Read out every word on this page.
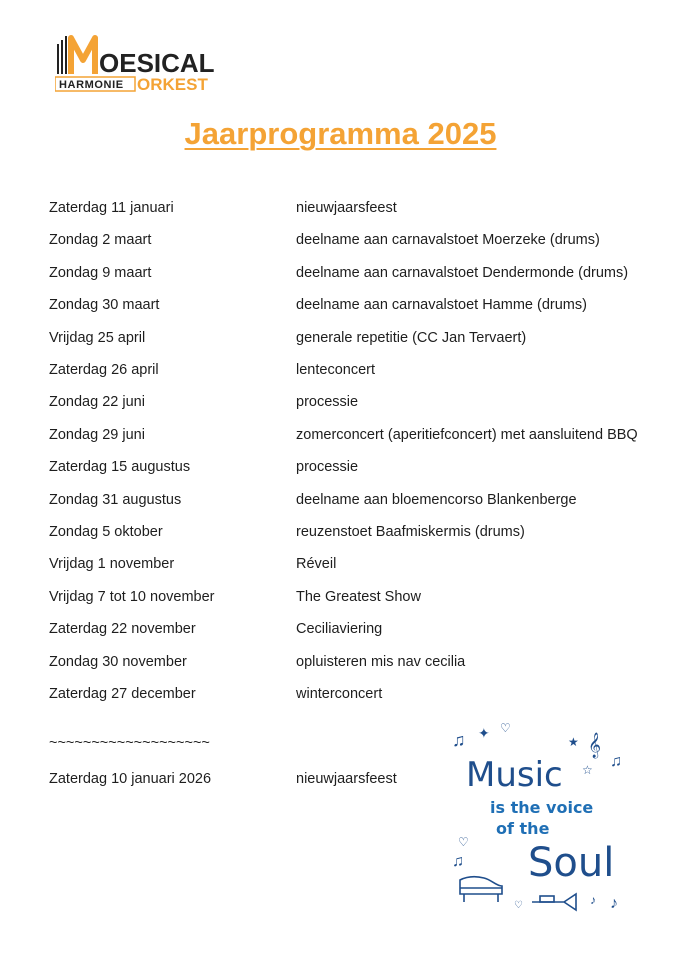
OESICALI
HARMONIE ORKEST
Jaarprogramma 2025
Zaterdag 11 januari	nieuwjaarsfeest
Zondag 2 maart	deelname aan carnavalstoet Moerzeke (drums)
Zondag 9 maart	deelname aan carnavalstoet Dendermonde (drums)
Zondag 30 maart	deelname aan carnavalstoet Hamme (drums)
Vrijdag 25 april	generale repetitie (CC Jan Tervaert)
Zaterdag 26 april	lenteconcert
Zondag 22 juni	processie
Zondag 29 juni	zomerconcert (aperitiefconcert) met aansluitend BBQ
Zaterdag 15 augustus	processie
Zondag 31 augustus	deelname aan bloemencorso Blankenberge
Zondag 5 oktober	reuzenstoet Baafmiskermis (drums)
Vrijdag 1 november	Réveil
Vrijdag 7 tot 10 november	The Greatest Show
Zaterdag 22 november	Ceciliaviering
Zondag 30 november	opluisteren mis nav cecilia
Zaterdag 27 december	winterconcert
~~~~~~~~~~~~~~~~~~~
Zaterdag 10 januari 2026	nieuwjaarsfeest
♫ ✦ ♡
★ 𝄞
♫
☆
♡
♫
♪
♪
♡
Music
is the voice
of the
Soul
